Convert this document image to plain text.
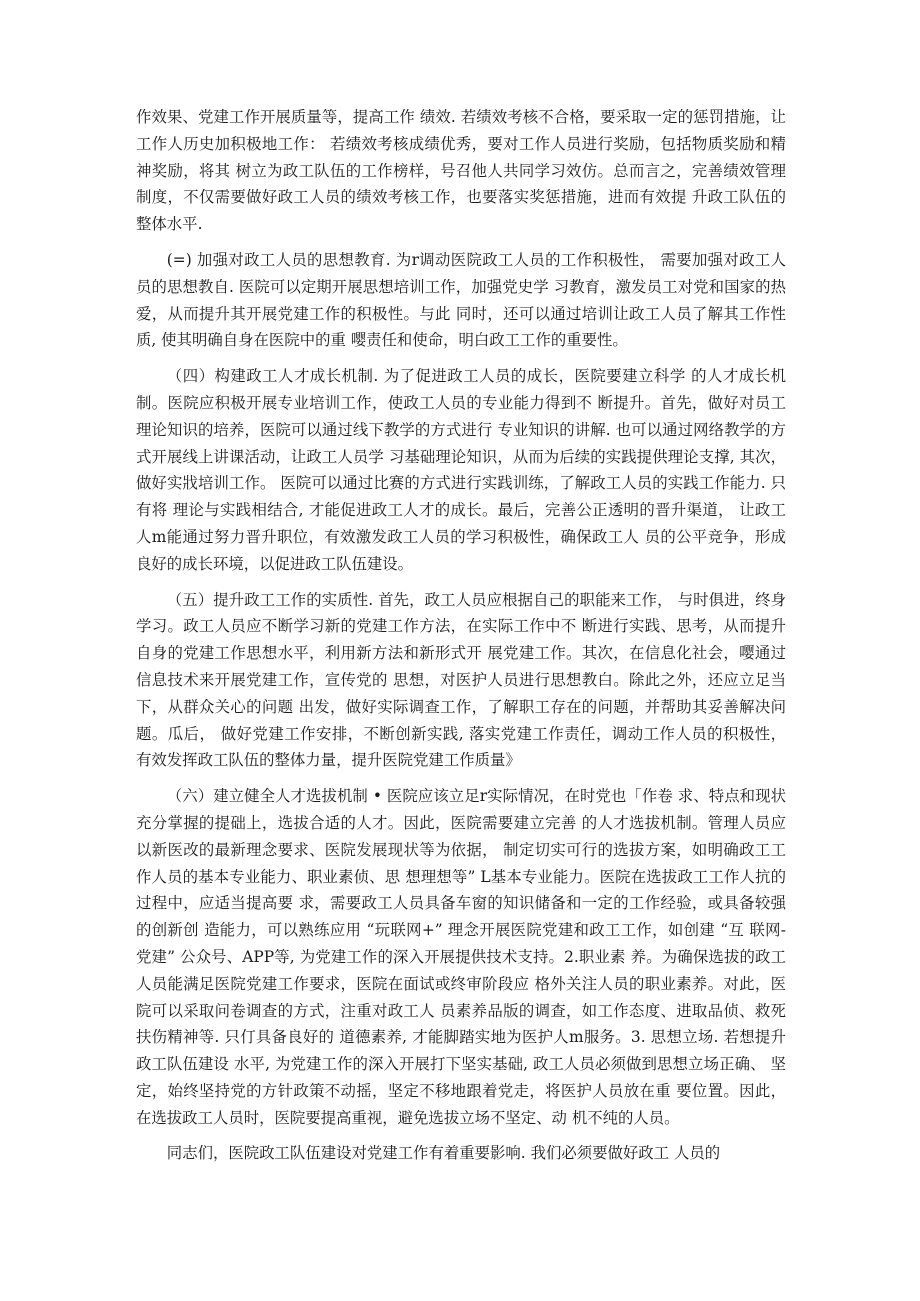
作效果、党建工作开展质量等，提高工作 绩效. 若绩效考核不合格，要采取一定的惩罚措施，让工作人历史加积极地工作： 若绩效考核成绩优秀，要对工作人员进行奖励，包括物质奖励和精神奖励，将其 树立为政工队伍的工作榜样，号召他人共同学习效仿。总而言之，完善绩效管理 制度，不仅需要做好政工人员的绩效考核工作，也要落实奖惩措施，进而有效提 升政工队伍的整体水平.

(=) 加强对政工人员的思想教育. 为r调动医院政工人员的工作积极性， 需要加强对政工人员的思想教自. 医院可以定期开展思想培训工作，加强党史学 习教育，激发员工对党和国家的热爱，从而提升其开展党建工作的积极性。与此 同时，还可以通过培训让政工人员了解其工作性质, 使其明确自身在医院中的重 嘤责任和使命，明白政工工作的重要性。

（四）构建政工人才成长机制. 为了促进政工人员的成长，医院要建立科学 的人才成长机制。医院应积极开展专业培训工作，使政工人员的专业能力得到不 断提升。首先，做好对员工理论知识的培养，医院可以通过线下教学的方式进行 专业知识的讲解. 也可以通过网络教学的方式开展线上讲课活动，让政工人员学 习基础理论知识，从而为后续的实践提供理论支撑, 其次，做好实戕培训工作。 医院可以通过比赛的方式进行实践训练，了解政工人员的实践工作能力. 只有将 理论与实践相结合, 才能促进政工人才的成长。最后，完善公正透明的晋升渠道， 让政工人m能通过努力晋升职位，有效激发政工人员的学习积极性，确保政工人 员的公平竞争，形成良好的成长环境，以促进政工队伍建设。

（五）提升政工工作的实质性. 首先，政工人员应根据自己的职能来工作， 与时俱进，终身学习。政工人员应不断学习新的党建工作方法，在实际工作中不 断进行实践、思考，从而提升自身的党建工作思想水平，利用新方法和新形式开 展党建工作。其次，在信息化社会，嘤通过信息技术来开展党建工作，宣传党的 思想，对医护人员进行思想教白。除此之外，还应立足当下，从群众关心的问题 出发，做好实际调查工作，了解职工存在的问题，并帮助其妥善解决问题。瓜后， 做好党建工作安排，不断创新实践, 落实党建工作责任，调动工作人员的积极性， 有效发挥政工队伍的整体力量，提升医院党建工作质量》

（六）建立健全人才选拔机制 • 医院应该立足r实际情况，在时党也「作卷 求、特点和现状充分掌握的提础上，选拔合适的人才。因此，医院需要建立完善 的人才选拔机制。管理人员应以新医改的最新理念要求、医院发展现状等为依据， 制定切实可行的选拔方案，如明确政工工作人员的基本专业能力、职业素侦、思 想理想等” L基本专业能力。医院在选拔政工工作人抗的过程中，应适当提高要 求，需要政工人员具备车窗的知识储备和一定的工作经验，或具备较强的创新创 造能力，可以熟练应用 “玩联网+” 理念开展医院党建和政工工作，如创建 “互 联网-党建” 公众号、APP等, 为党建工作的深入开展提供技术支持。2.职业素 养。为确保选拔的政工人员能满足医院党建工作要求，医院在面试或终审阶段应 格外关注人员的职业素养。对此，医院可以采取问卷调查的方式，注重对政工人 员素养品版的调查，如工作态度、进取品侦、救死扶伤精神等. 只仃具备良好的 道德素养, 才能脚踏实地为医护人m服务。3. 思想立场. 若想提升政工队伍建设 水平, 为党建工作的深入开展打下坚实基础, 政工人员必须做到思想立场正确、 坚定，始终坚持党的方针政策不动摇，坚定不移地跟着党走，将医护人员放在重 要位置。因此，在选拔政工人员时，医院要提高重视，避免选拔立场不坚定、动 机不纯的人员。

同志们，医院政工队伍建设对党建工作有着重要影响. 我们必须要做好政工 人员的
